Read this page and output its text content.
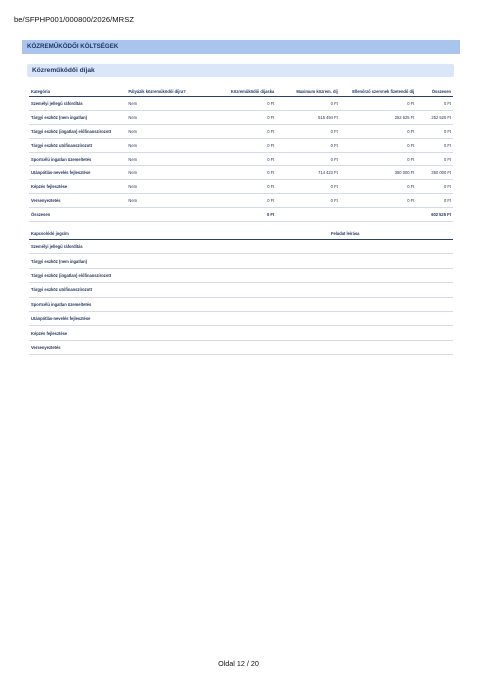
be/SFPHP001/000800/2026/MRSZ
KÖZREMŰKÖDŐI KÖLTSÉGEK
Közreműködői díjak
Kategória	Pályázik közreműködői díjra?	Közreműködői díjaska	Maximum közrem. díj	Ellenőrző szervnek fizetendő díj	Összesen
Személyi jellegű ráfordítás	Nem	0 Ft	0 Ft	0 Ft	0 Ft
Tárgyi eszköz (nem ingatlan)	Nem	0 Ft	515 494 Ft	252 525 Ft	252 525 Ft
Tárgyi eszköz (ingatlan) előfinanszírozott	Nem	0 Ft	0 Ft	0 Ft	0 Ft
Tárgyi eszköz utófinanszírozott	Nem	0 Ft	0 Ft	0 Ft	0 Ft
Sportcélú ingatlan üzemeltetés	Nem	0 Ft	0 Ft	0 Ft	0 Ft
Utánpótlás-nevelés fejlesztése	Nem	0 Ft	714 423 Ft	350 000 Ft	350 000 Ft
Képzés fejlesztése	Nem	0 Ft	0 Ft	0 Ft	0 Ft
Versenyeztetés	Nem	0 Ft	0 Ft	0 Ft	0 Ft
Összesen		0 Ft			602 525 Ft
Kapcsolódó jogcím	Feladat leírása
Személyi jellegű ráfordítás	
Tárgyi eszköz (nem ingatlan)	
Tárgyi eszköz (ingatlan) előfinanszírozott	
Tárgyi eszköz utófinanszírozott	
Sportcélú ingatlan üzemeltetés	
Utánpótlás-nevelés fejlesztése	
Képzés fejlesztése	
Versenyeztetés	
Oldal 12 / 20
